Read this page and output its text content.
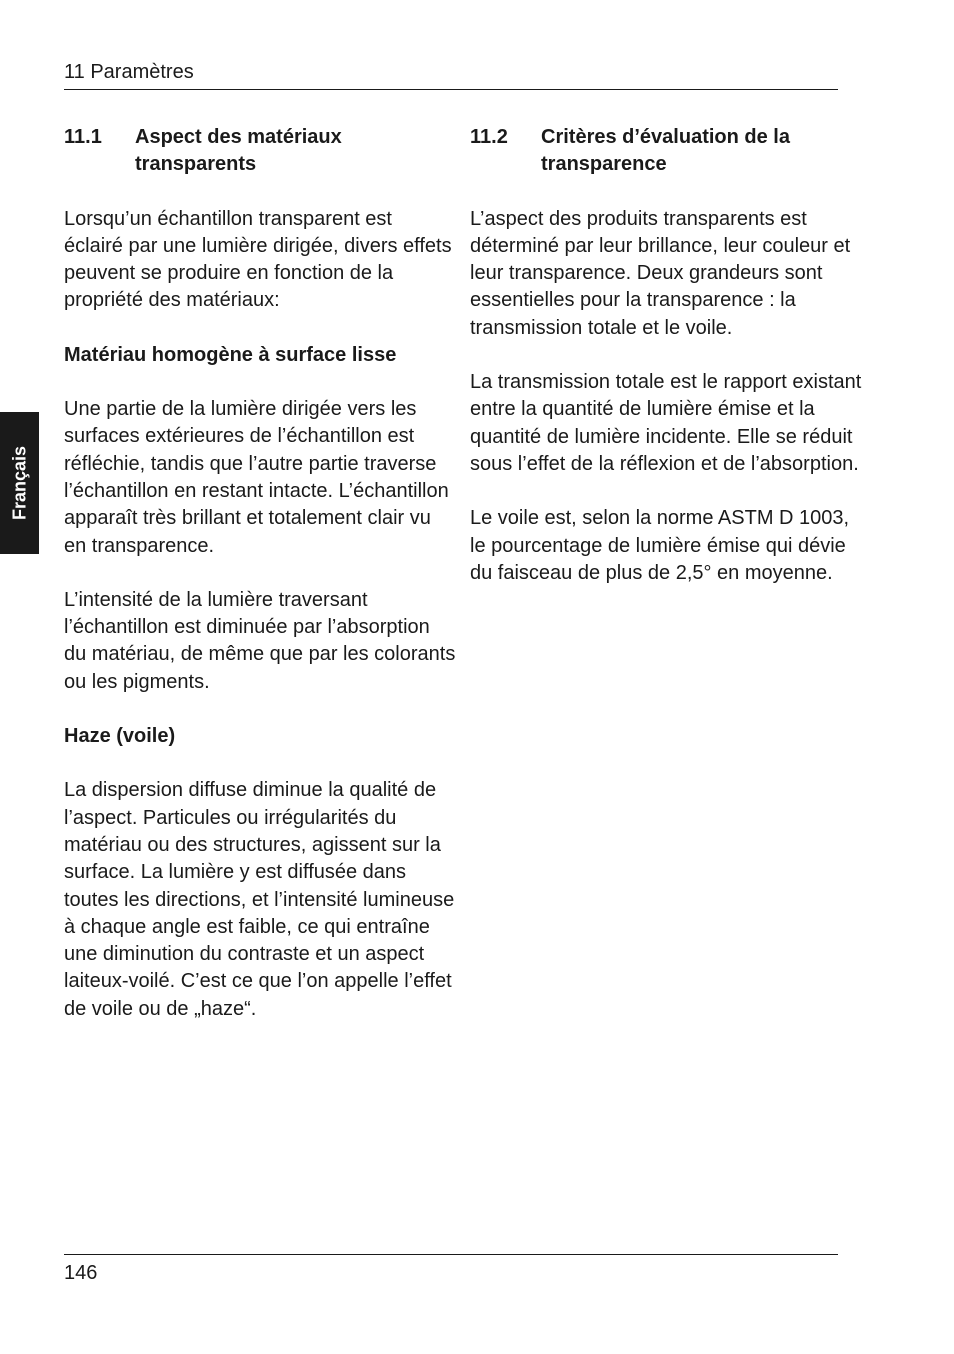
11 Paramètres
Français
11.1	Aspect des matériaux
transparents

Lorsqu’un échantillon transparent est éclairé par une lumière dirigée, divers effets peuvent se produire en fonction de la propriété des matériaux:

Matériau homogène à surface lisse

Une partie de la lumière dirigée vers les surfaces extérieures de l’échantillon est réfléchie, tandis que l’autre partie traverse l’échantillon en restant intacte. L’échantillon apparaît très brillant et totalement clair vu en transparence.

L’intensité de la lumière traversant l’échantillon est diminuée par l’absorption du matériau, de même que par les colorants ou les pigments.

Haze (voile)

La dispersion diffuse diminue la qualité de l’aspect. Particules ou irrégularités du matériau ou des structures, agissent sur la surface. La lumière y est diffusée dans toutes les directions, et l’intensité lumineuse à chaque angle est faible, ce qui entraîne une diminution du contraste et un aspect laiteux-voilé. C’est ce que l’on appelle l’effet de voile ou de „haze“.

11.2	Critères d’évaluation de la
transparence

L’aspect des produits transparents est déterminé par leur brillance, leur couleur et leur transparence. Deux grandeurs sont essentielles pour la transparence : la transmission totale et le voile.

La transmission totale est le rapport existant entre la quantité de lumière émise et la quantité de lumière incidente. Elle se réduit sous l’effet de la réflexion et de l’absorption.

Le voile est, selon la norme ASTM D 1003, le pourcentage de lumière émise qui dévie du faisceau de plus de 2,5° en moyenne.

146
